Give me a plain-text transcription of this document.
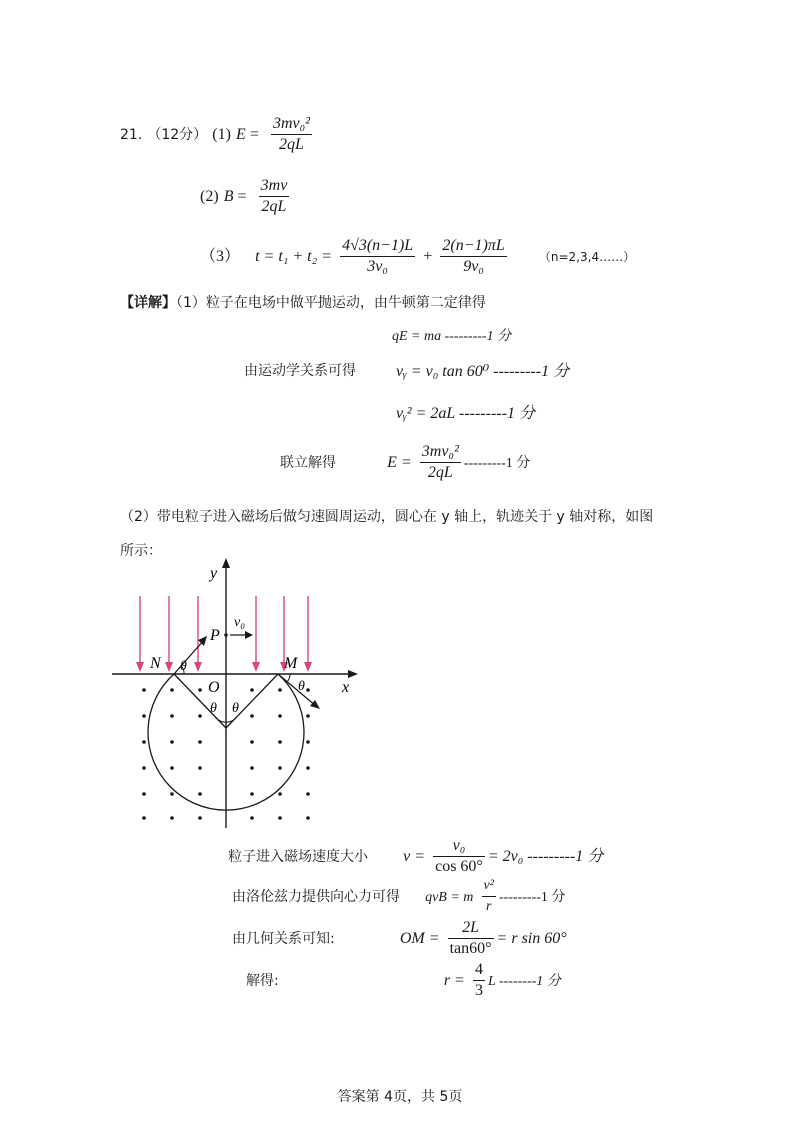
21. （12分） (1) $E = \frac{\text{3mv₀²}}{2qL}$
(2) $B = \frac{3mv}{2qL}$
（3） $t = t_1 + t_2 = \frac{4√3(n-1)L}{\text{3v₀}} + \frac{2(n-1)\pi L}{\text{9v₀}}$	（n=2,3,4……）
【详解】（1）粒子在电场中做平抛运动，由牛顿第二定律得
qE = ma ---------1 分
由运动学关系可得	vᵧ = v₀ tan 60⁰ ---------1 分
vᵧ² = 2aL ---------1 分
联立解得	$E = \frac{\text{3mv₀²}}{2qL} ---------1$ 分
（2）带电粒子进入磁场后做匀速圆周运动，圆心在 y 轴上，轨迹关于 y 轴对称，如图
所示：
y
x
N	M
O
P
v₀
θ
θ
θ θ
粒子进入磁场速度大小 $v = \frac{\text{v₀}}{\cos 60^\circ} = 2v_0$ ---------1 分
由洛伦兹力提供向心力可得 qvB = m $\frac{\text{v²}}{r} ---------1$ 分
由几何关系可知:	OM = $\frac{2L}{\tan 60^\circ} = r$ sin 60°
解得:	$r = \frac{4}{3}$ L --------1 分
答案第 4页，共 5页
